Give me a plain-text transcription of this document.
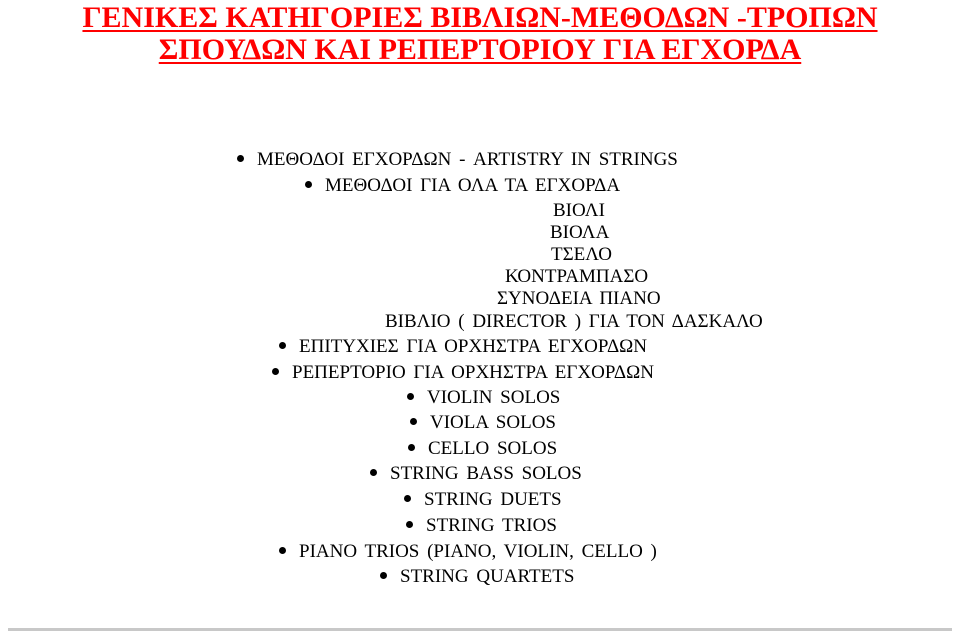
ΓΕΝΙΚΕΣ ΚΑΤΗΓΟΡΙΕΣ ΒΙΒΛΙΩΝ-ΜΕΘΟΔΩΝ -ΤΡΟΠΩΝ
ΣΠΟΥΔΩΝ ΚΑΙ ΡΕΠΕΡΤΟΡΙΟΥ ΓΙΑ ΕΓΧΟΡΔΑ
ΜΕΘΟΔΟΙ ΕΓΧΟΡΔΩΝ - ARTISTRY IN STRINGS
ΜΕΘΟΔΟΙ ΓΙΑ ΟΛΑ ΤΑ ΕΓΧΟΡΔΑ
ΒΙΟΛΙ
ΒΙΟΛΑ
ΤΣΕΛΟ
ΚΟΝΤΡΑΜΠΑΣΟ
ΣΥΝΟΔΕΙΑ ΠΙΑΝΟ
ΒΙΒΛΙΟ ( DIRECTOR ) ΓΙΑ ΤΟΝ ΔΑΣΚΑΛΟ
ΕΠΙΤΥΧΙΕΣ ΓΙΑ ΟΡΧΗΣΤΡΑ ΕΓΧΟΡΔΩΝ
ΡΕΠΕΡΤΟΡΙΟ ΓΙΑ ΟΡΧΗΣΤΡΑ ΕΓΧΟΡΔΩΝ
VIOLIN SOLOS
VIOLA SOLOS
CELLO SOLOS
STRING BASS SOLOS
STRING DUETS
STRING TRIOS
PIANO TRIOS (PIANO, VIOLIN, CELLO )
STRING QUARTETS
